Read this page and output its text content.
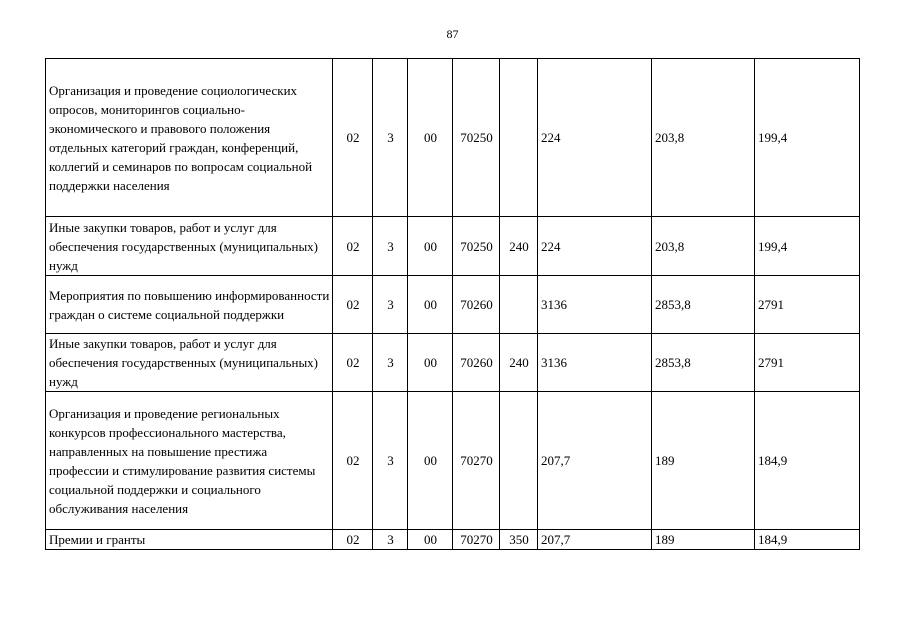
87
Организация и проведение социологических опросов, мониторингов социально-экономического и правового положения отдельных категорий граждан, конференций, коллегий и семинаров по вопросам социальной поддержки населения	02	3	00	70250		224	203,8	199,4
Иные закупки товаров, работ и услуг для обеспечения государственных (муниципальных) нужд	02	3	00	70250	240	224	203,8	199,4
Мероприятия по повышению информированности граждан о системе социальной поддержки	02	3	00	70260		3136	2853,8	2791
Иные закупки товаров, работ и услуг для обеспечения государственных (муниципальных) нужд	02	3	00	70260	240	3136	2853,8	2791
Организация и проведение региональных конкурсов профессионального мастерства, направленных на повышение престижа профессии и стимулирование развития системы социальной поддержки и социального обслуживания населения	02	3	00	70270		207,7	189	184,9
Премии и гранты	02	3	00	70270	350	207,7	189	184,9
